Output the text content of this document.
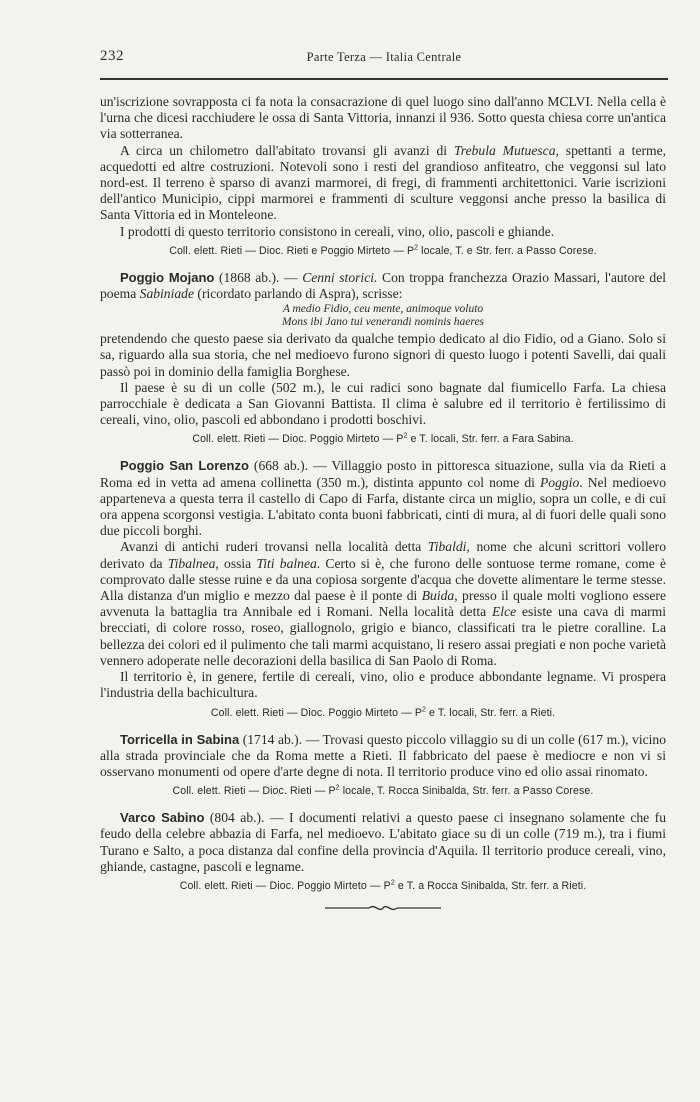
232	Parte Terza — Italia Centrale

un'iscrizione sovrapposta ci fa nota la consacrazione di quel luogo sino dall'anno MCLVI. Nella cella è l'urna che dicesi racchiudere le ossa di Santa Vittoria, innanzi il 936. Sotto questa chiesa corre un'antica via sotterranea.

A circa un chilometro dall'abitato trovansi gli avanzi di Trebula Mutuesca, spettanti a terme, acquedotti ed altre costruzioni. Notevoli sono i resti del grandioso anfiteatro, che veggonsi sul lato nord-est. Il terreno è sparso di avanzi marmorei, di fregi, di frammenti architettonici. Varie iscrizioni dell'antico Municipio, cippi marmorei e frammenti di sculture veggonsi anche presso la basilica di Santa Vittoria ed in Monteleone.

I prodotti di questo territorio consistono in cereali, vino, olio, pascoli e ghiande.

Coll. elett. Rieti — Dioc. Rieti e Poggio Mirteto — $P^2$ locale, T. e Str. ferr. a Passo Corese.

Poggio Mojano (1868 ab.). — Cenni storici. Con troppa franchezza Orazio Massari, l'autore del poema Sabiniade (ricordato parlando di Aspra), scrisse:

A medio Fidio, ceu mente, animoque voluto
Mons ibi Jano tui venerandi nominis haeres

pretendendo che questo paese sia derivato da qualche tempio dedicato al dio Fidio, od a Giano. Solo si sa, riguardo alla sua storia, che nel medioevo furono signori di questo luogo i potenti Savelli, dai quali passò poi in dominio della famiglia Borghese.

Il paese è su di un colle (502 m.), le cui radici sono bagnate dal fiumicello Farfa. La chiesa parrocchiale è dedicata a San Giovanni Battista. Il clima è salubre ed il territorio è fertilissimo di cereali, vino, olio, pascoli ed abbondano i prodotti boschivi.

Coll. elett. Rieti — Dioc. Poggio Mirteto — $P^2$ e T. locali, Str. ferr. a Fara Sabina.

Poggio San Lorenzo (668 ab.). — Villaggio posto in pittoresca situazione, sulla via da Rieti a Roma ed in vetta ad amena collinetta (350 m.), distinta appunto col nome di Poggio. Nel medioevo apparteneva a questa terra il castello di Capo di Farfa, distante circa un miglio, sopra un colle, e di cui ora appena scorgonsi vestigia. L'abitato conta buoni fabbricati, cinti di mura, al di fuori delle quali sono due piccoli borghi.

Avanzi di antichi ruderi trovansi nella località detta Tibaldi, nome che alcuni scrittori vollero derivato da Tibalnea, ossia Titi balnea. Certo si è, che furono delle sontuose terme romane, come è comprovato dalle stesse ruine e da una copiosa sorgente d'acqua che dovette alimentare le terme stesse. Alla distanza d'un miglio e mezzo dal paese è il ponte di Buida, presso il quale molti vogliono essere avvenuta la battaglia tra Annibale ed i Romani. Nella località detta Elce esiste una cava di marmi brecciati, di colore rosso, roseo, giallognolo, grigio e bianco, classificati tra le pietre coralline. La bellezza dei colori ed il pulimento che tali marmi acquistano, li resero assai pregiati e non poche varietà vennero adoperate nelle decorazioni della basilica di San Paolo di Roma.

Il territorio è, in genere, fertile di cereali, vino, olio e produce abbondante legname. Vi prospera l'industria della bachicultura.

Coll. elett. Rieti — Dioc. Poggio Mirteto — $P^2$ e T. locali, Str. ferr. a Rieti.

Torricella in Sabina (1714 ab.). — Trovasi questo piccolo villaggio su di un colle (617 m.), vicino alla strada provinciale che da Roma mette a Rieti. Il fabbricato del paese è mediocre e non vi si osservano monumenti od opere d'arte degne di nota. Il territorio produce vino ed olio assai rinomato.

Coll. elett. Rieti — Dioc. Rieti — $P^2$ locale, T. Rocca Sinibalda, Str. ferr. a Passo Corese.

Varco Sabino (804 ab.). — I documenti relativi a questo paese ci insegnano solamente che fu feudo della celebre abbazia di Farfa, nel medioevo. L'abitato giace su di un colle (719 m.), tra i fiumi Turano e Salto, a poca distanza dal confine della provincia d'Aquila. Il territorio produce cereali, vino, ghiande, castagne, pascoli e legname.

Coll. elett. Rieti — Dioc. Poggio Mirteto — $P^2$ e T. a Rocca Sinibalda, Str. ferr. a Rieti.
